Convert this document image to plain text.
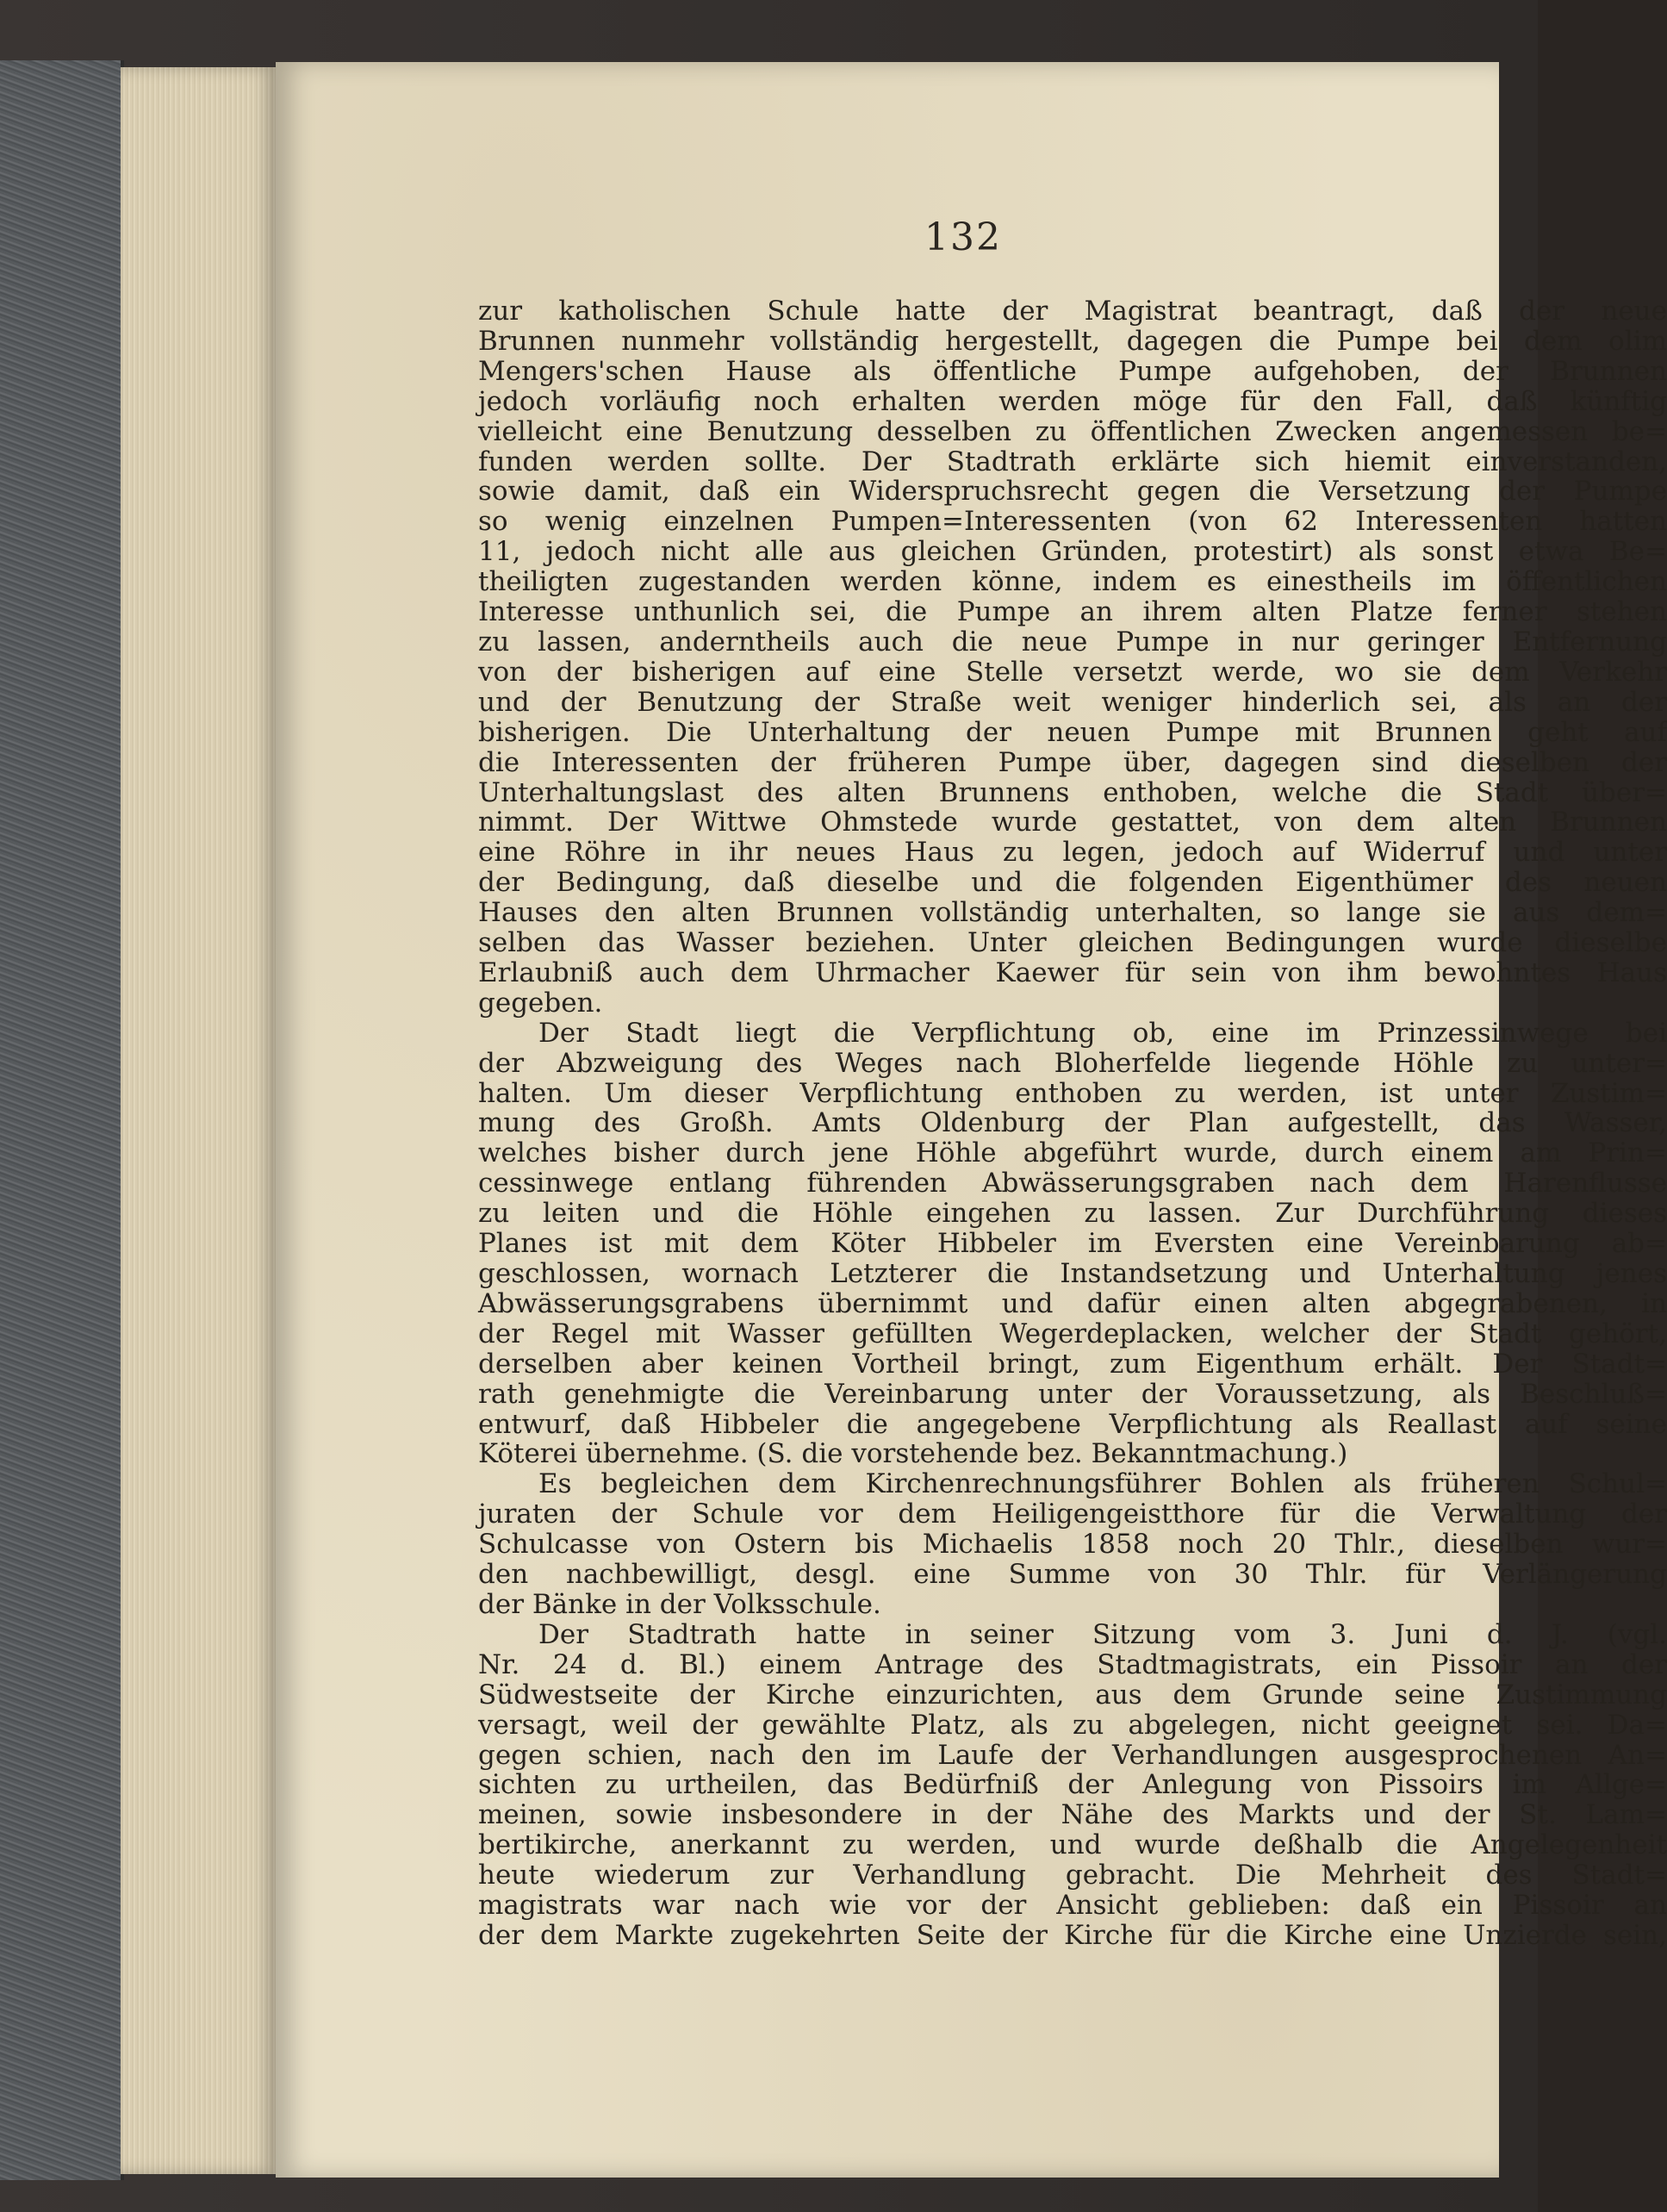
132
zur katholischen Schule hatte der Magistrat beantragt, daß der neue
Brunnen nunmehr vollständig hergestellt, dagegen die Pumpe bei dem olim
Mengers'schen Hause als öffentliche Pumpe aufgehoben, der Brunnen
jedoch vorläufig noch erhalten werden möge für den Fall, daß künftig
vielleicht eine Benutzung desselben zu öffentlichen Zwecken angemessen be=
funden werden sollte. Der Stadtrath erklärte sich hiemit einverstanden,
sowie damit, daß ein Widerspruchsrecht gegen die Versetzung der Pumpe
so wenig einzelnen Pumpen=Interessenten (von 62 Interessenten hatten
11, jedoch nicht alle aus gleichen Gründen, protestirt) als sonst etwa Be=
theiligten zugestanden werden könne, indem es einestheils im öffentlichen
Interesse unthunlich sei, die Pumpe an ihrem alten Platze ferner stehen
zu lassen, anderntheils auch die neue Pumpe in nur geringer Entfernung
von der bisherigen auf eine Stelle versetzt werde, wo sie dem Verkehr
und der Benutzung der Straße weit weniger hinderlich sei, als an der
bisherigen. Die Unterhaltung der neuen Pumpe mit Brunnen geht auf
die Interessenten der früheren Pumpe über, dagegen sind dieselben der
Unterhaltungslast des alten Brunnens enthoben, welche die Stadt über=
nimmt. Der Wittwe Ohmstede wurde gestattet, von dem alten Brunnen
eine Röhre in ihr neues Haus zu legen, jedoch auf Widerruf und unter
der Bedingung, daß dieselbe und die folgenden Eigenthümer des neuen
Hauses den alten Brunnen vollständig unterhalten, so lange sie aus dem=
selben das Wasser beziehen. Unter gleichen Bedingungen wurde dieselbe
Erlaubniß auch dem Uhrmacher Kaewer für sein von ihm bewohntes Haus
gegeben.
Der Stadt liegt die Verpflichtung ob, eine im Prinzessinwege bei
der Abzweigung des Weges nach Bloherfelde liegende Höhle zu unter=
halten. Um dieser Verpflichtung enthoben zu werden, ist unter Zustim=
mung des Großh. Amts Oldenburg der Plan aufgestellt, das Wasser,
welches bisher durch jene Höhle abgeführt wurde, durch einem am Prin=
cessinwege entlang führenden Abwässerungsgraben nach dem Harenflusse
zu leiten und die Höhle eingehen zu lassen. Zur Durchführung dieses
Planes ist mit dem Köter Hibbeler im Eversten eine Vereinbarung ab=
geschlossen, wornach Letzterer die Instandsetzung und Unterhaltung jenes
Abwässerungsgrabens übernimmt und dafür einen alten abgegrabenen, in
der Regel mit Wasser gefüllten Wegerdeplacken, welcher der Stadt gehört,
derselben aber keinen Vortheil bringt, zum Eigenthum erhält. Der Stadt=
rath genehmigte die Vereinbarung unter der Voraussetzung, als Beschluß=
entwurf, daß Hibbeler die angegebene Verpflichtung als Reallast auf seine
Köterei übernehme. (S. die vorstehende bez. Bekanntmachung.)
Es begleichen dem Kirchenrechnungsführer Bohlen als früheren Schul=
juraten der Schule vor dem Heiligengeistthore für die Verwaltung der
Schulcasse von Ostern bis Michaelis 1858 noch 20 Thlr., dieselben wur=
den nachbewilligt, desgl. eine Summe von 30 Thlr. für Verlängerung
der Bänke in der Volksschule.
Der Stadtrath hatte in seiner Sitzung vom 3. Juni d. J. (vgl.
Nr. 24 d. Bl.) einem Antrage des Stadtmagistrats, ein Pissoir an der
Südwestseite der Kirche einzurichten, aus dem Grunde seine Zustimmung
versagt, weil der gewählte Platz, als zu abgelegen, nicht geeignet sei. Da=
gegen schien, nach den im Laufe der Verhandlungen ausgesprochenen An=
sichten zu urtheilen, das Bedürfniß der Anlegung von Pissoirs im Allge=
meinen, sowie insbesondere in der Nähe des Markts und der St. Lam=
bertikirche, anerkannt zu werden, und wurde deßhalb die Angelegenheit
heute wiederum zur Verhandlung gebracht. Die Mehrheit des Stadt=
magistrats war nach wie vor der Ansicht geblieben: daß ein Pissoir an
der dem Markte zugekehrten Seite der Kirche für die Kirche eine Unzierde sein,
